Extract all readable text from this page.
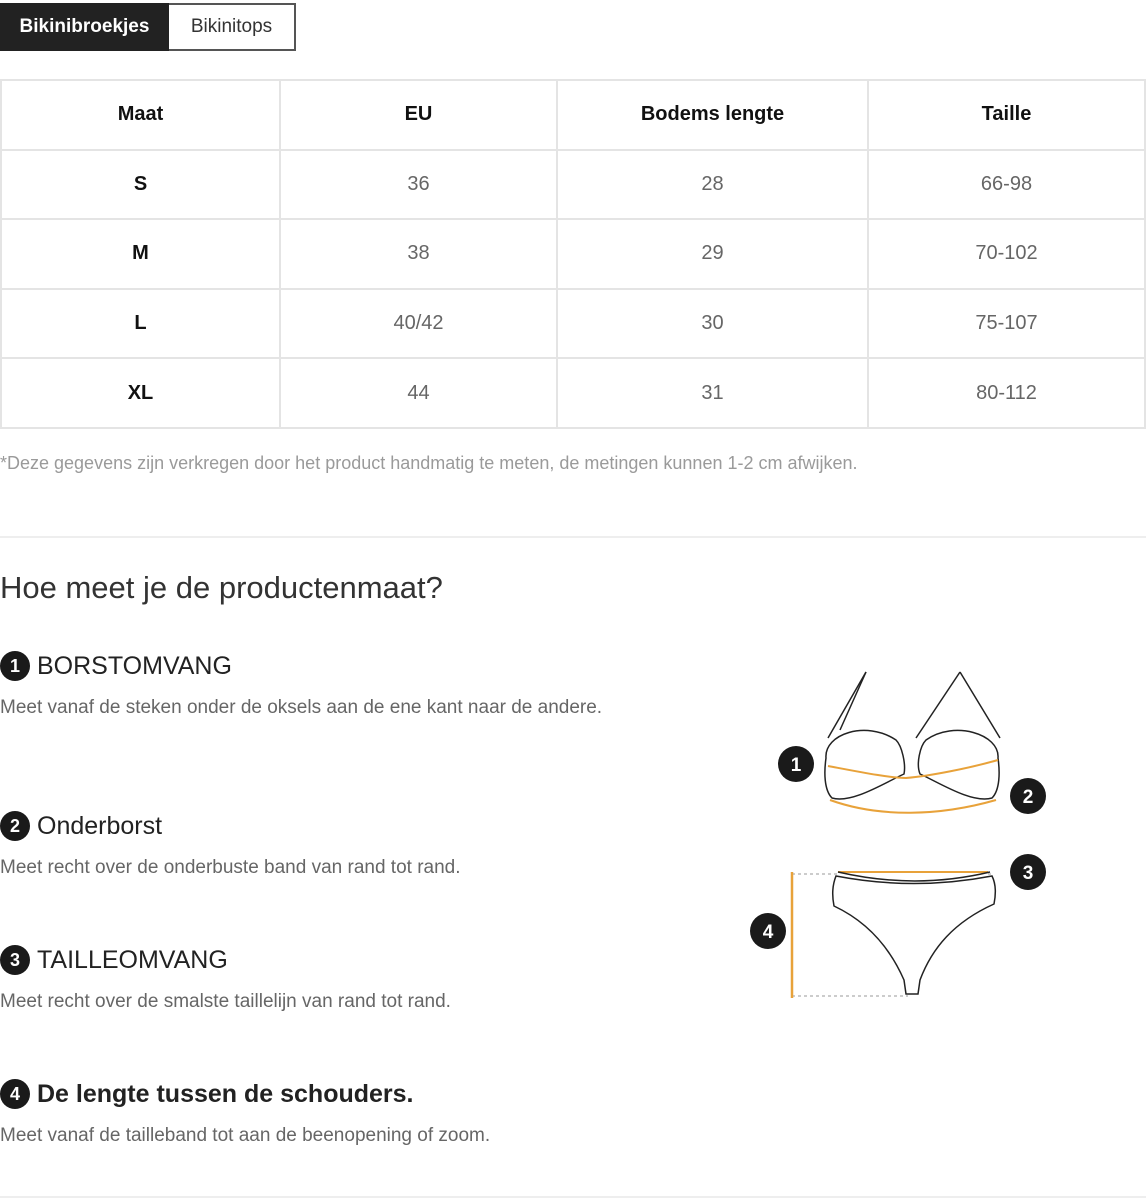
Bikinibroekjes	Bikinitops
Maat	EU	Bodems lengte	Taille
S	36	28	66-98
M	38	29	70-102
L	40/42	30	75-107
XL	44	31	80-112
*Deze gegevens zijn verkregen door het product handmatig te meten, de metingen kunnen 1-2 cm afwijken.
Hoe meet je de productenmaat?
1 BORSTOMVANG
Meet vanaf de steken onder de oksels aan de ene kant naar de andere.
2 Onderborst
Meet recht over de onderbuste band van rand tot rand.
3 TAILLEOMVANG
Meet recht over de smalste taillelijn van rand tot rand.
4 De lengte tussen de schouders.
Meet vanaf de tailleband tot aan de beenopening of zoom.
1
2
3
4
